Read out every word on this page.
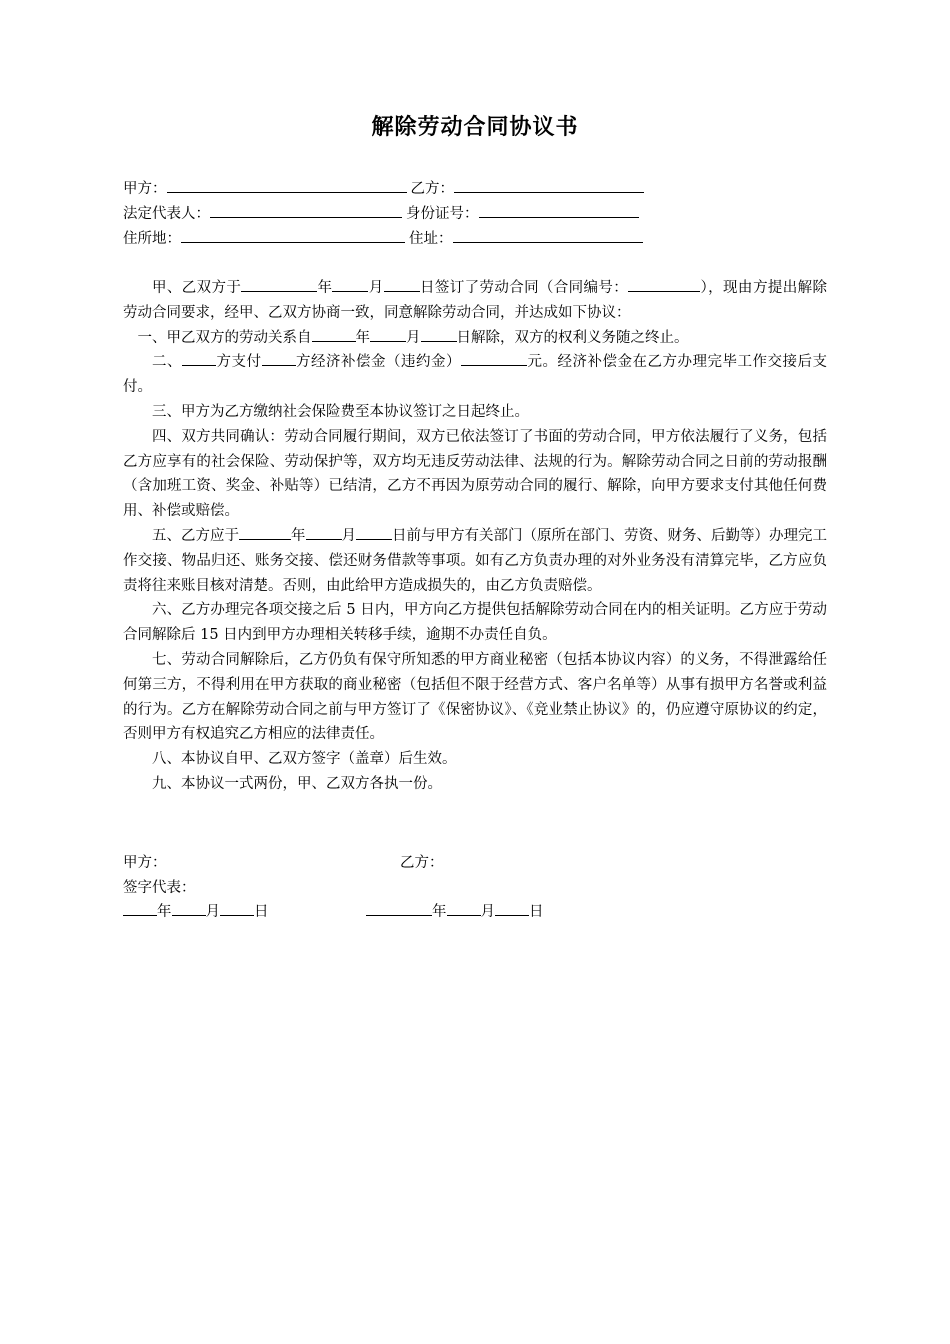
解除劳动合同协议书
甲方：	乙方：
法定代表人：	身份证号：
住所地：	住址：

甲、乙双方于	年 月 日签订了劳动合同（合同编号：	），现由方提出解除劳动合同要求，经甲、乙双方协商一致，同意解除劳动合同，并达成如下协议：

一、甲乙双方的劳动关系自	年 月 日解除，双方的权利义务随之终止。

二、 方支付 方经济补偿金（违约金）	元。经济补偿金在乙方办理完毕工作交接后支付。

三、甲方为乙方缴纳社会保险费至本协议签订之日起终止。

四、双方共同确认：劳动合同履行期间，双方已依法签订了书面的劳动合同，甲方依法履行了义务，包括乙方应享有的社会保险、劳动保护等，双方均无违反劳动法律、法规的行为。解除劳动合同之日前的劳动报酬（含加班工资、奖金、补贴等）已结清，乙方不再因为原劳动合同的履行、解除，向甲方要求支付其他任何费用、补偿或赔偿。

五、乙方应于	年 月 日前与甲方有关部门（原所在部门、劳资、财务、后勤等）办理完工作交接、物品归还、账务交接、偿还财务借款等事项。如有乙方负责办理的对外业务没有清算完毕，乙方应负责将往来账目核对清楚。否则，由此给甲方造成损失的，由乙方负责赔偿。

六、乙方办理完各项交接之后 5 日内，甲方向乙方提供包括解除劳动合同在内的相关证明。乙方应于劳动合同解除后 15 日内到甲方办理相关转移手续，逾期不办责任自负。

七、劳动合同解除后，乙方仍负有保守所知悉的甲方商业秘密（包括本协议内容）的义务，不得泄露给任何第三方，不得利用在甲方获取的商业秘密（包括但不限于经营方式、客户名单等）从事有损甲方名誉或利益的行为。乙方在解除劳动合同之前与甲方签订了《保密协议》、《竞业禁止协议》的，仍应遵守原协议的约定，否则甲方有权追究乙方相应的法律责任。

八、本协议自甲、乙双方签字（盖章）后生效。

九、本协议一式两份，甲、乙双方各执一份。

甲方：	乙方：
签字代表：
年 月 日	年 月 日
